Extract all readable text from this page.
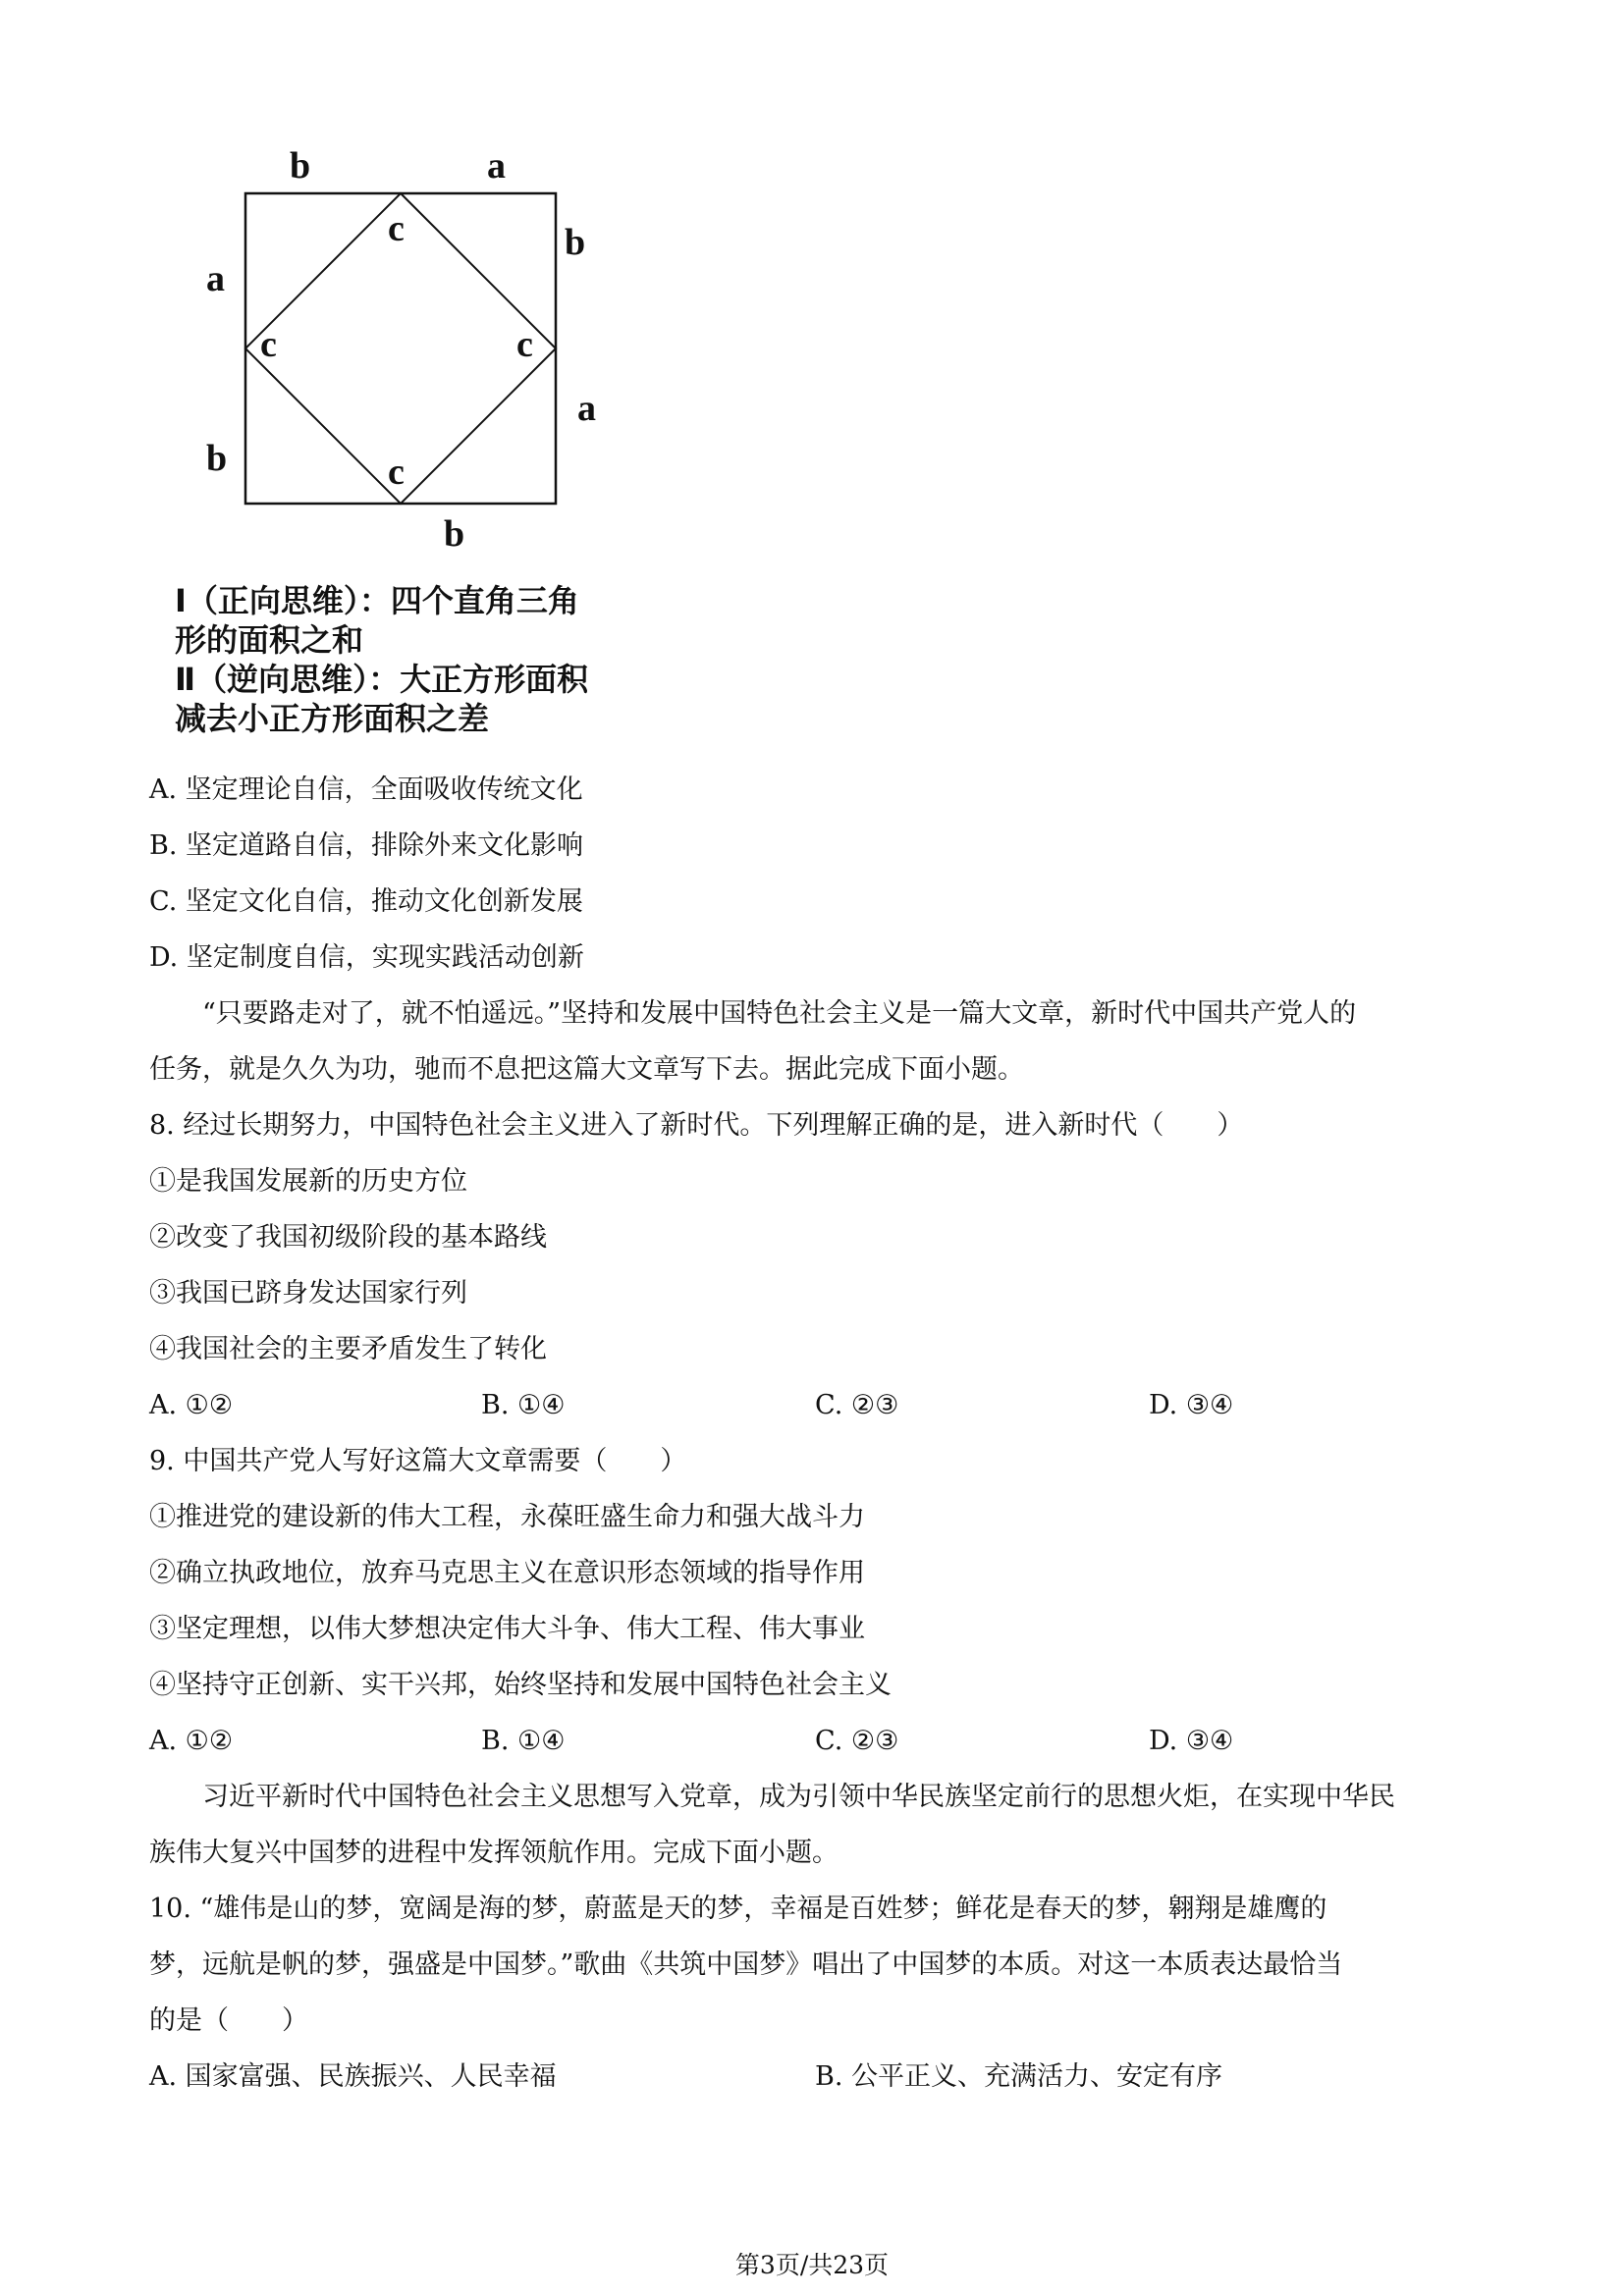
b	a
a
b
b
a
b
c
c	c
c
Ⅰ（正向思维）：四个直角三角
形的面积之和
Ⅱ（逆向思维）：大正方形面积
减去小正方形面积之差
A. 坚定理论自信，全面吸收传统文化
B. 坚定道路自信，排除外来文化影响
C. 坚定文化自信，推动文化创新发展
D. 坚定制度自信，实现实践活动创新
“只要路走对了，就不怕遥远。”坚持和发展中国特色社会主义是一篇大文章，新时代中国共产党人的
任务，就是久久为功，驰而不息把这篇大文章写下去。据此完成下面小题。
8. 经过长期努力，中国特色社会主义进入了新时代。下列理解正确的是，进入新时代（　　）
①是我国发展新的历史方位
②改变了我国初级阶段的基本路线
③我国已跻身发达国家行列
④我国社会的主要矛盾发生了转化
A. ①②	B. ①④	C. ②③	D. ③④
9. 中国共产党人写好这篇大文章需要（　　）
①推进党的建设新的伟大工程，永葆旺盛生命力和强大战斗力
②确立执政地位，放弃马克思主义在意识形态领域的指导作用
③坚定理想，以伟大梦想决定伟大斗争、伟大工程、伟大事业
④坚持守正创新、实干兴邦，始终坚持和发展中国特色社会主义
A. ①②	B. ①④	C. ②③	D. ③④
习近平新时代中国特色社会主义思想写入党章，成为引领中华民族坚定前行的思想火炬，在实现中华民
族伟大复兴中国梦的进程中发挥领航作用。完成下面小题。
10. “雄伟是山的梦，宽阔是海的梦，蔚蓝是天的梦，幸福是百姓梦；鲜花是春天的梦，翱翔是雄鹰的
梦，远航是帆的梦，强盛是中国梦。”歌曲《共筑中国梦》唱出了中国梦的本质。对这一本质表达最恰当
的是（　　）
A. 国家富强、民族振兴、人民幸福	B. 公平正义、充满活力、安定有序
第3页/共23页
